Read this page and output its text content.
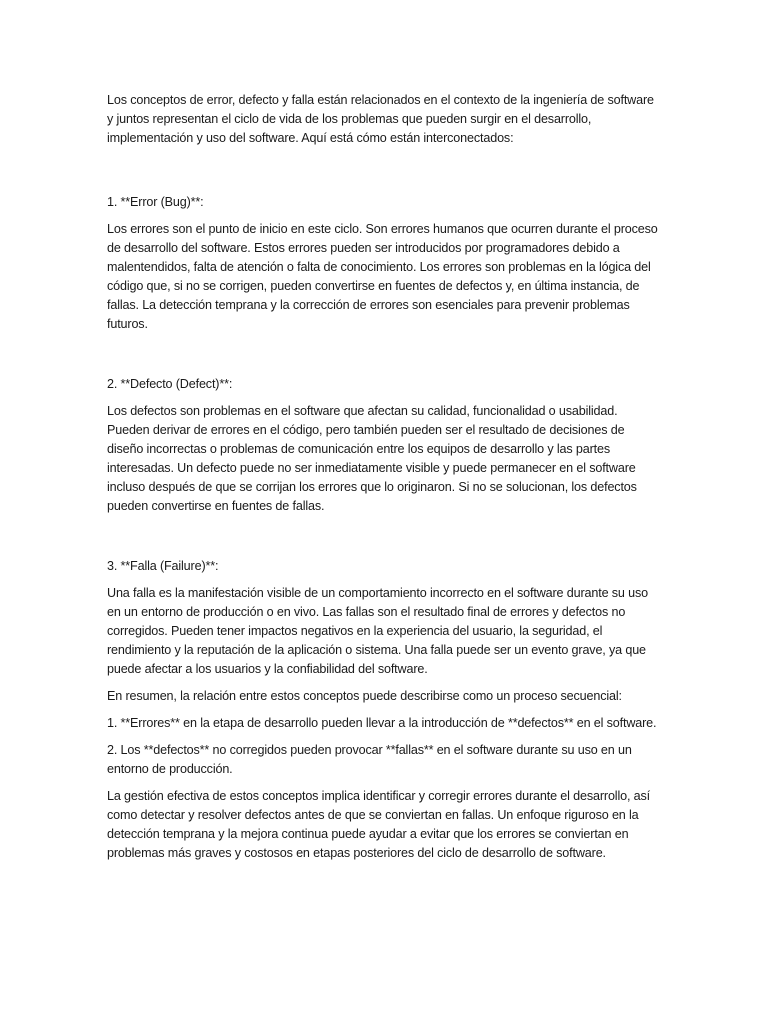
Los conceptos de error, defecto y falla están relacionados en el contexto de la ingeniería de software y juntos representan el ciclo de vida de los problemas que pueden surgir en el desarrollo, implementación y uso del software. Aquí está cómo están interconectados:

1. **Error (Bug)**:

Los errores son el punto de inicio en este ciclo. Son errores humanos que ocurren durante el proceso de desarrollo del software. Estos errores pueden ser introducidos por programadores debido a malentendidos, falta de atención o falta de conocimiento. Los errores son problemas en la lógica del código que, si no se corrigen, pueden convertirse en fuentes de defectos y, en última instancia, de fallas. La detección temprana y la corrección de errores son esenciales para prevenir problemas futuros.

2. **Defecto (Defect)**:

Los defectos son problemas en el software que afectan su calidad, funcionalidad o usabilidad. Pueden derivar de errores en el código, pero también pueden ser el resultado de decisiones de diseño incorrectas o problemas de comunicación entre los equipos de desarrollo y las partes interesadas. Un defecto puede no ser inmediatamente visible y puede permanecer en el software incluso después de que se corrijan los errores que lo originaron. Si no se solucionan, los defectos pueden convertirse en fuentes de fallas.

3. **Falla (Failure)**:

Una falla es la manifestación visible de un comportamiento incorrecto en el software durante su uso en un entorno de producción o en vivo. Las fallas son el resultado final de errores y defectos no corregidos. Pueden tener impactos negativos en la experiencia del usuario, la seguridad, el rendimiento y la reputación de la aplicación o sistema. Una falla puede ser un evento grave, ya que puede afectar a los usuarios y la confiabilidad del software.

En resumen, la relación entre estos conceptos puede describirse como un proceso secuencial:

1. **Errores** en la etapa de desarrollo pueden llevar a la introducción de **defectos** en el software.

2. Los **defectos** no corregidos pueden provocar **fallas** en el software durante su uso en un entorno de producción.

La gestión efectiva de estos conceptos implica identificar y corregir errores durante el desarrollo, así como detectar y resolver defectos antes de que se conviertan en fallas. Un enfoque riguroso en la detección temprana y la mejora continua puede ayudar a evitar que los errores se conviertan en problemas más graves y costosos en etapas posteriores del ciclo de desarrollo de software.
